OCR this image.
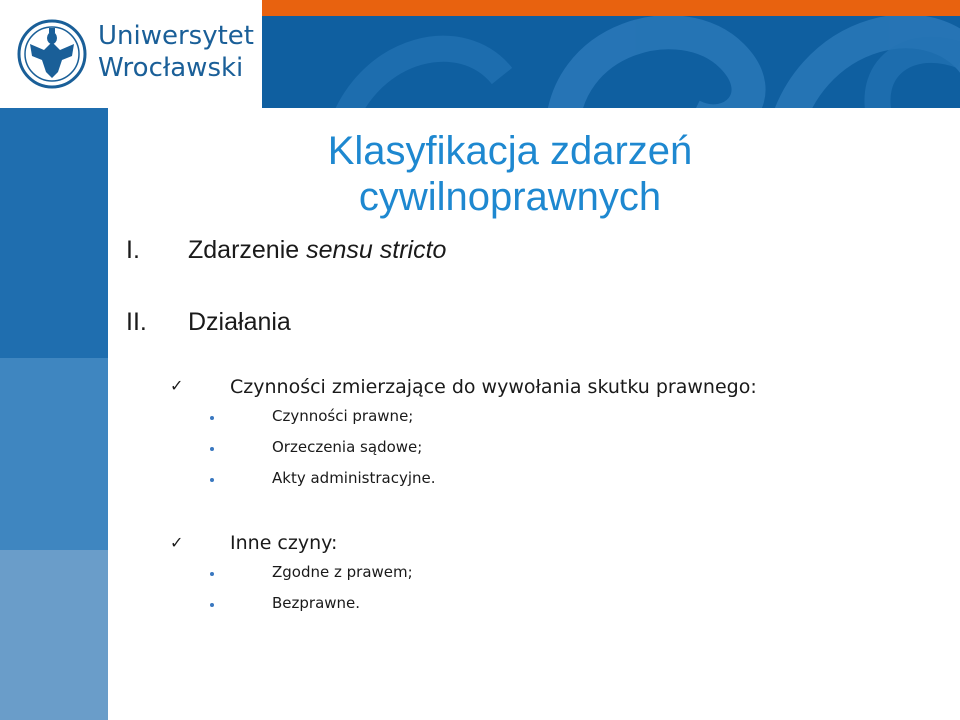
Uniwersytet
Wrocławski
Klasyfikacja zdarzeń
cywilnoprawnych
I. Zdarzenie sensu stricto
II. Działania
✓ Czynności zmierzające do wywołania skutku prawnego:
Czynności prawne;
Orzeczenia sądowe;
Akty administracyjne.
✓ Inne czyny:
Zgodne z prawem;
Bezprawne.
